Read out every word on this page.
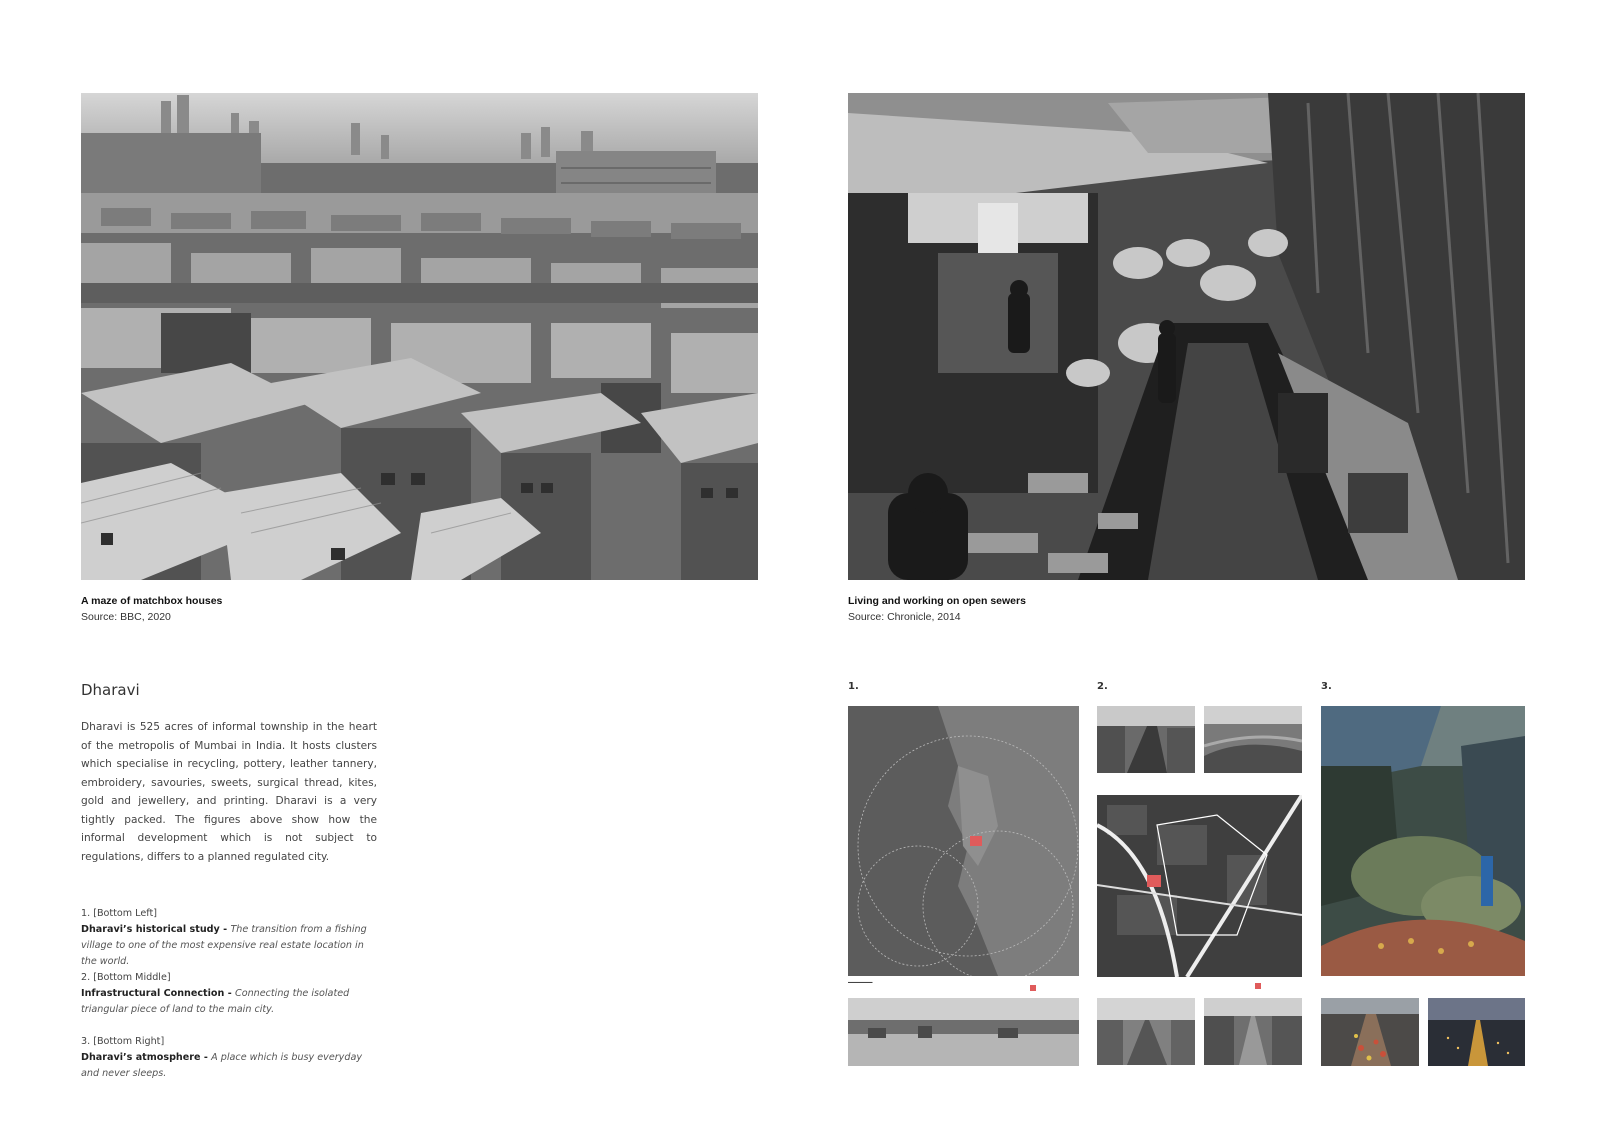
A maze of matchbox houses
Source: BBC, 2020
Living and working on open sewers
Source: Chronicle, 2014
Dharavi
Dharavi is 525 acres of informal township in the heart of the metropolis of Mumbai in India. It hosts clusters which specialise in recycling, pottery, leather tannery, embroidery, savouries, sweets, surgical thread, kites, gold and jewellery, and printing. Dharavi is a very tightly packed. The figures above show how the informal development which is not subject to regulations, differs to a planned regulated city.
1. [Bottom Left]
Dharavi’s historical study - The transition from a fishing village to one of the most expensive real estate location in the world.
2. [Bottom Middle]
Infrastructural Connection - Connecting the isolated triangular piece of land to the main city.
3. [Bottom Right]
Dharavi’s atmosphere - A place which is busy everyday and never sleeps.
1.	2.	3.
▬▬▬▬▬▬▬
